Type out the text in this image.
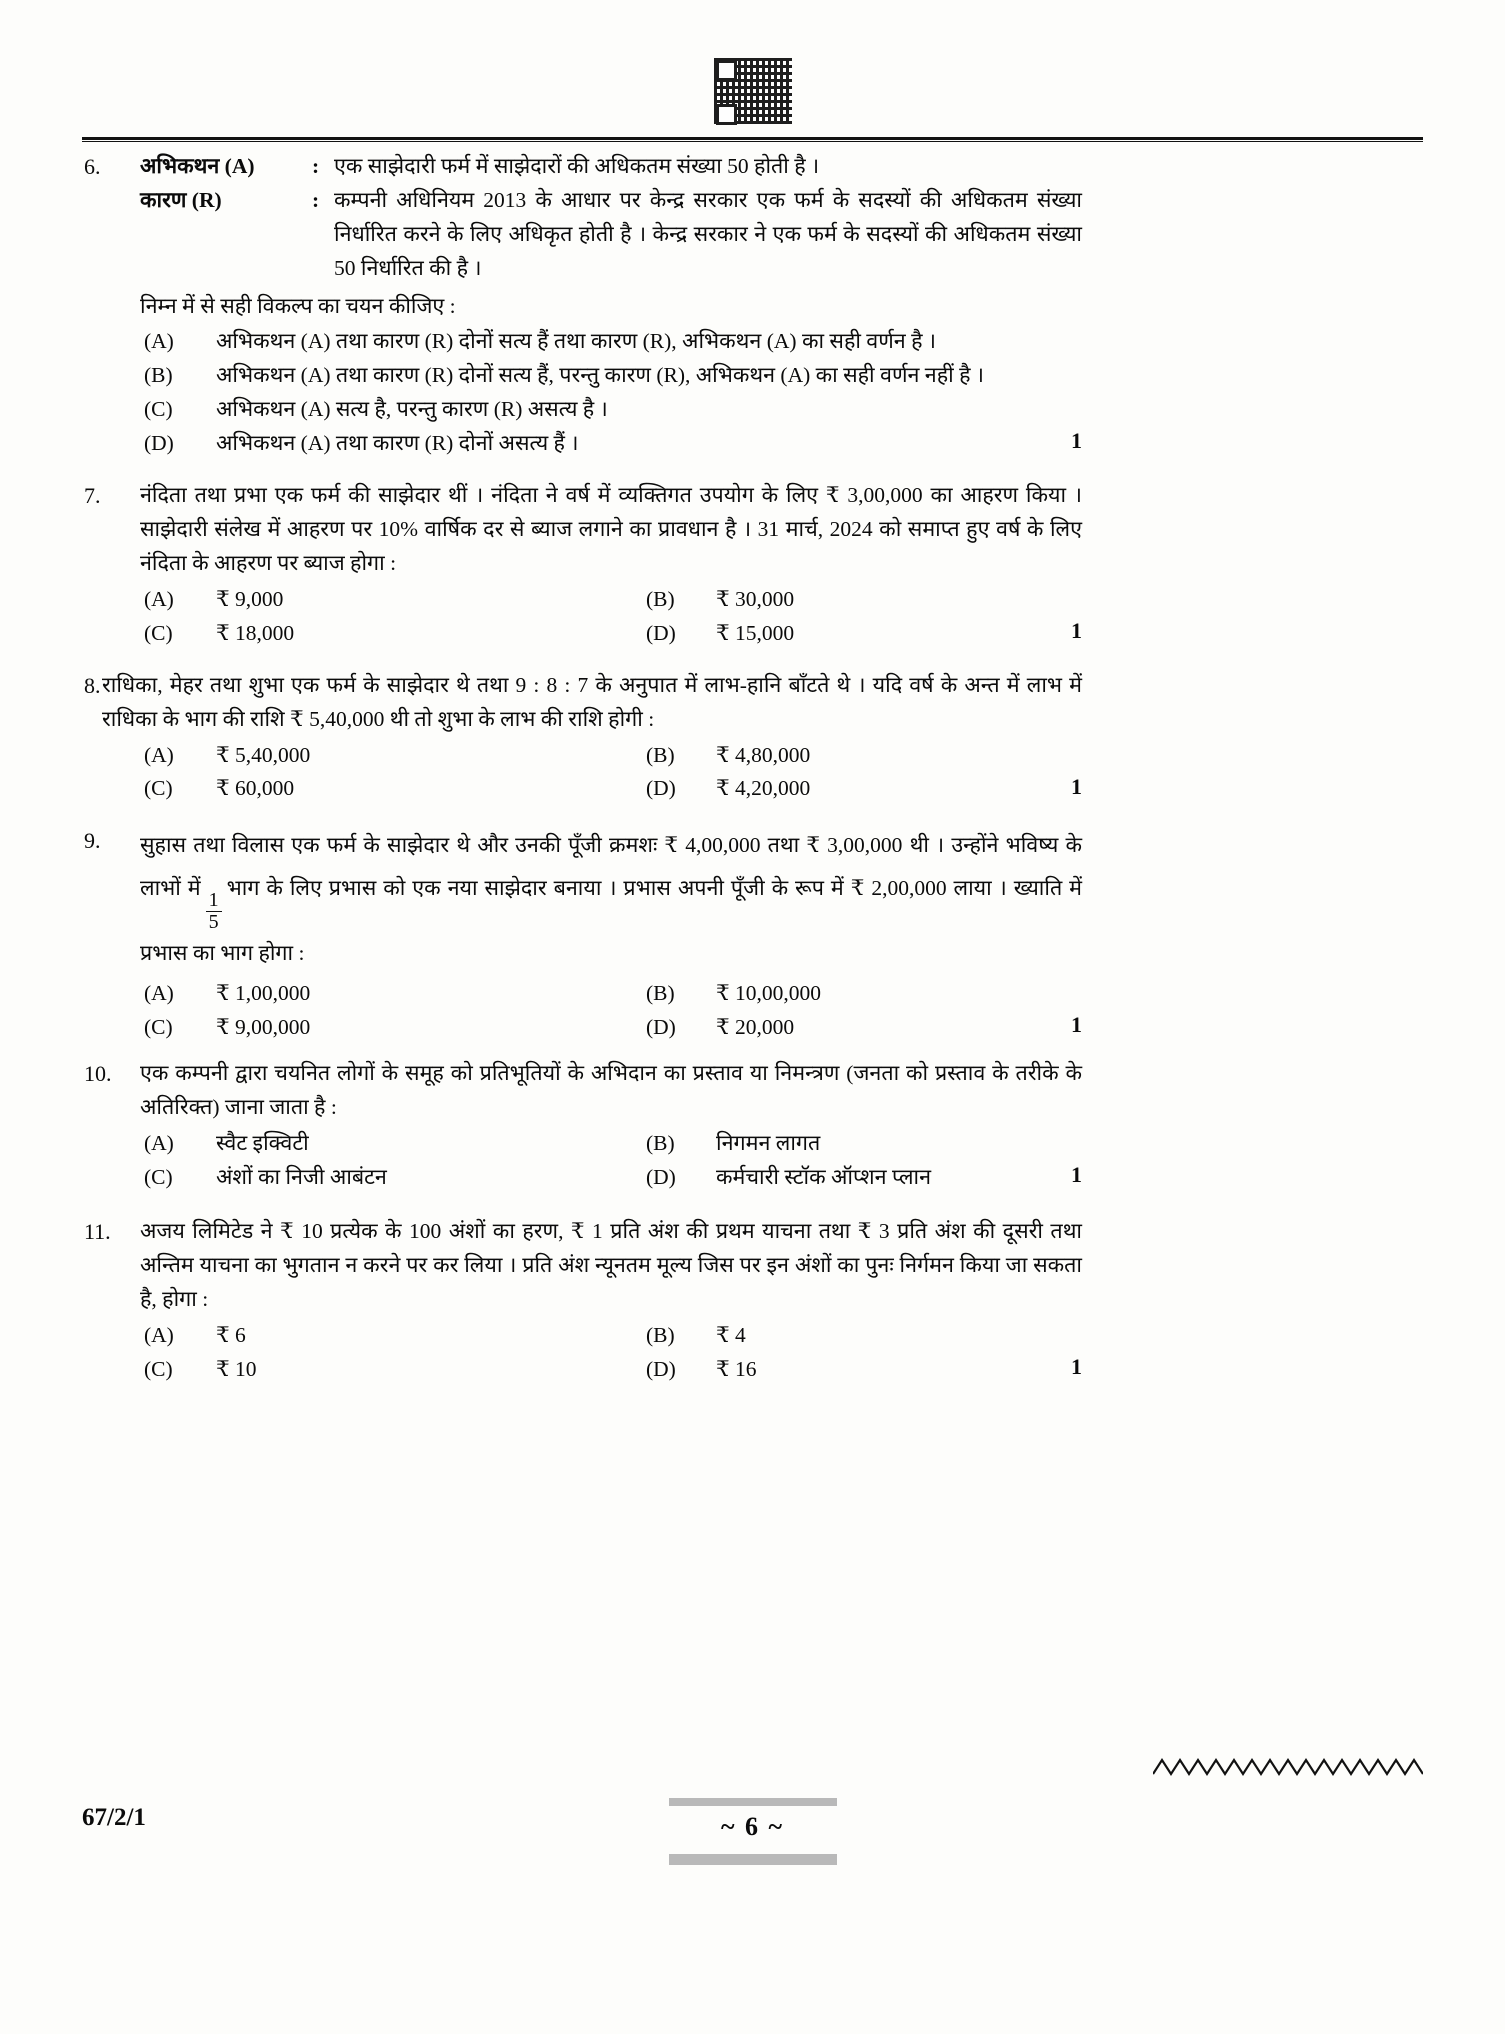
6.	अभिकथन (A)	: एक साझेदारी फर्म में साझेदारों की अधिकतम संख्या 50 होती है ।
कारण (R)	: कम्पनी अधिनियम 2013 के आधार पर केन्द्र सरकार एक फर्म के सदस्यों की अधिकतम संख्या निर्धारित करने के लिए अधिकृत होती है । केन्द्र सरकार ने एक फर्म के सदस्यों की अधिकतम संख्या 50 निर्धारित की है ।
निम्न में से सही विकल्प का चयन कीजिए :
(A)	अभिकथन (A) तथा कारण (R) दोनों सत्य हैं तथा कारण (R), अभिकथन (A) का सही वर्णन है ।
(B)	अभिकथन (A) तथा कारण (R) दोनों सत्य हैं, परन्तु कारण (R), अभिकथन (A) का सही वर्णन नहीं है ।
(C)	अभिकथन (A) सत्य है, परन्तु कारण (R) असत्य है ।
(D)	अभिकथन (A) तथा कारण (R) दोनों असत्य हैं ।	1
7.	नंदिता तथा प्रभा एक फर्म की साझेदार थीं । नंदिता ने वर्ष में व्यक्तिगत उपयोग के लिए ₹ 3,00,000 का आहरण किया । साझेदारी संलेख में आहरण पर 10% वार्षिक दर से ब्याज लगाने का प्रावधान है । 31 मार्च, 2024 को समाप्त हुए वर्ष के लिए नंदिता के आहरण पर ब्याज होगा :
(A)	₹ 9,000	(B)	₹ 30,000
(C)	₹ 18,000	(D)	₹ 15,000	1
8. राधिका, मेहर तथा शुभा एक फर्म के साझेदार थे तथा 9 : 8 : 7 के अनुपात में लाभ-हानि बाँटते थे । यदि वर्ष के अन्त में लाभ में राधिका के भाग की राशि ₹ 5,40,000 थी तो शुभा के लाभ की राशि होगी :
(A)	₹ 5,40,000	(B)	₹ 4,80,000
(C)	₹ 60,000	(D)	₹ 4,20,000	1
9.	सुहास तथा विलास एक फर्म के साझेदार थे और उनकी पूँजी क्रमशः ₹ 4,00,000 तथा ₹ 3,00,000 थी । उन्होंने भविष्य के लाभों में
$\frac{1}{5}$
भाग के लिए प्रभास को एक नया साझेदार बनाया । प्रभास अपनी पूँजी के रूप में ₹ 2,00,000 लाया । ख्याति में प्रभास का भाग होगा :
(A)	₹ 1,00,000	(B)	₹ 10,00,000
(C)	₹ 9,00,000	(D)	₹ 20,000	1
10.	एक कम्पनी द्वारा चयनित लोगों के समूह को प्रतिभूतियों के अभिदान का प्रस्ताव या निमन्त्रण (जनता को प्रस्ताव के तरीके के अतिरिक्त) जाना जाता है :
(A)	स्वैट इक्विटी	(B)	निगमन लागत
(C)	अंशों का निजी आबंटन	(D)	कर्मचारी स्टॉक ऑप्शन प्लान	1
11.	अजय लिमिटेड ने ₹ 10 प्रत्येक के 100 अंशों का हरण, ₹ 1 प्रति अंश की प्रथम याचना तथा ₹ 3 प्रति अंश की दूसरी तथा अन्तिम याचना का भुगतान न करने पर कर लिया । प्रति अंश न्यूनतम मूल्य जिस पर इन अंशों का पुनः निर्गमन किया जा सकता है, होगा :
(A)	₹ 6	(B)	₹ 4
(C)	₹ 10	(D)	₹ 16	1
67/2/1	~ 6 ~
